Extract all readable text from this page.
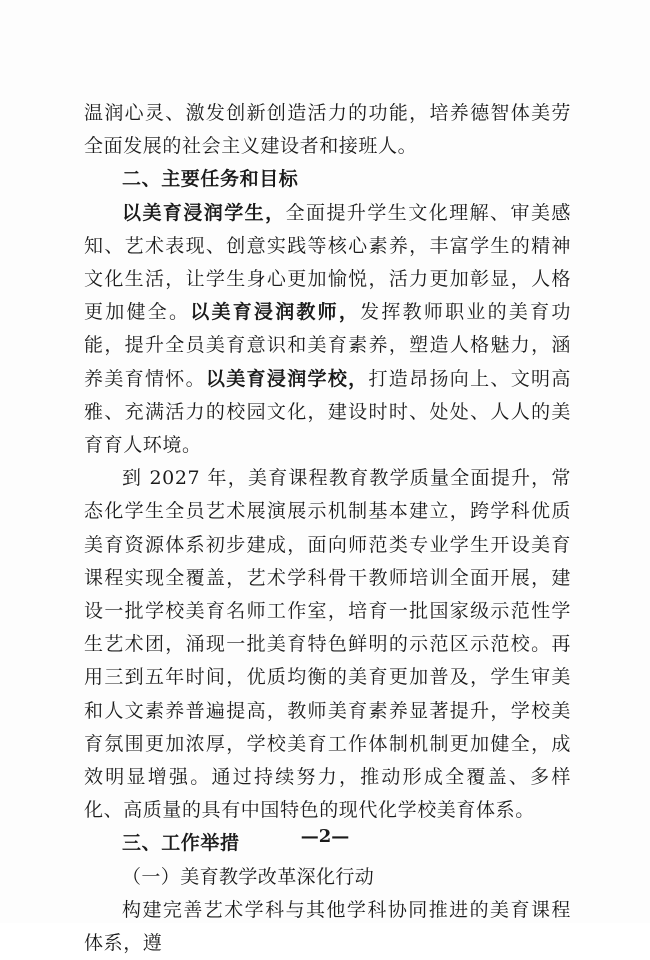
温润心灵、激发创新创造活力的功能，培养德智体美劳全面发展的社会主义建设者和接班人。

二、主要任务和目标

以美育浸润学生，全面提升学生文化理解、审美感知、艺术表现、创意实践等核心素养，丰富学生的精神文化生活，让学生身心更加愉悦，活力更加彰显，人格更加健全。以美育浸润教师，发挥教师职业的美育功能，提升全员美育意识和美育素养，塑造人格魅力，涵养美育情怀。以美育浸润学校，打造昂扬向上、文明高雅、充满活力的校园文化，建设时时、处处、人人的美育育人环境。

到 2027 年，美育课程教育教学质量全面提升，常态化学生全员艺术展演展示机制基本建立，跨学科优质美育资源体系初步建成，面向师范类专业学生开设美育课程实现全覆盖，艺术学科骨干教师培训全面开展，建设一批学校美育名师工作室，培育一批国家级示范性学生艺术团，涌现一批美育特色鲜明的示范区示范校。再用三到五年时间，优质均衡的美育更加普及，学生审美和人文素养普遍提高，教师美育素养显著提升，学校美育氛围更加浓厚，学校美育工作体制机制更加健全，成效明显增强。通过持续努力，推动形成全覆盖、多样化、高质量的具有中国特色的现代化学校美育体系。

三、工作举措

（一）美育教学改革深化行动

构建完善艺术学科与其他学科协同推进的美育课程体系，遵

—2—
